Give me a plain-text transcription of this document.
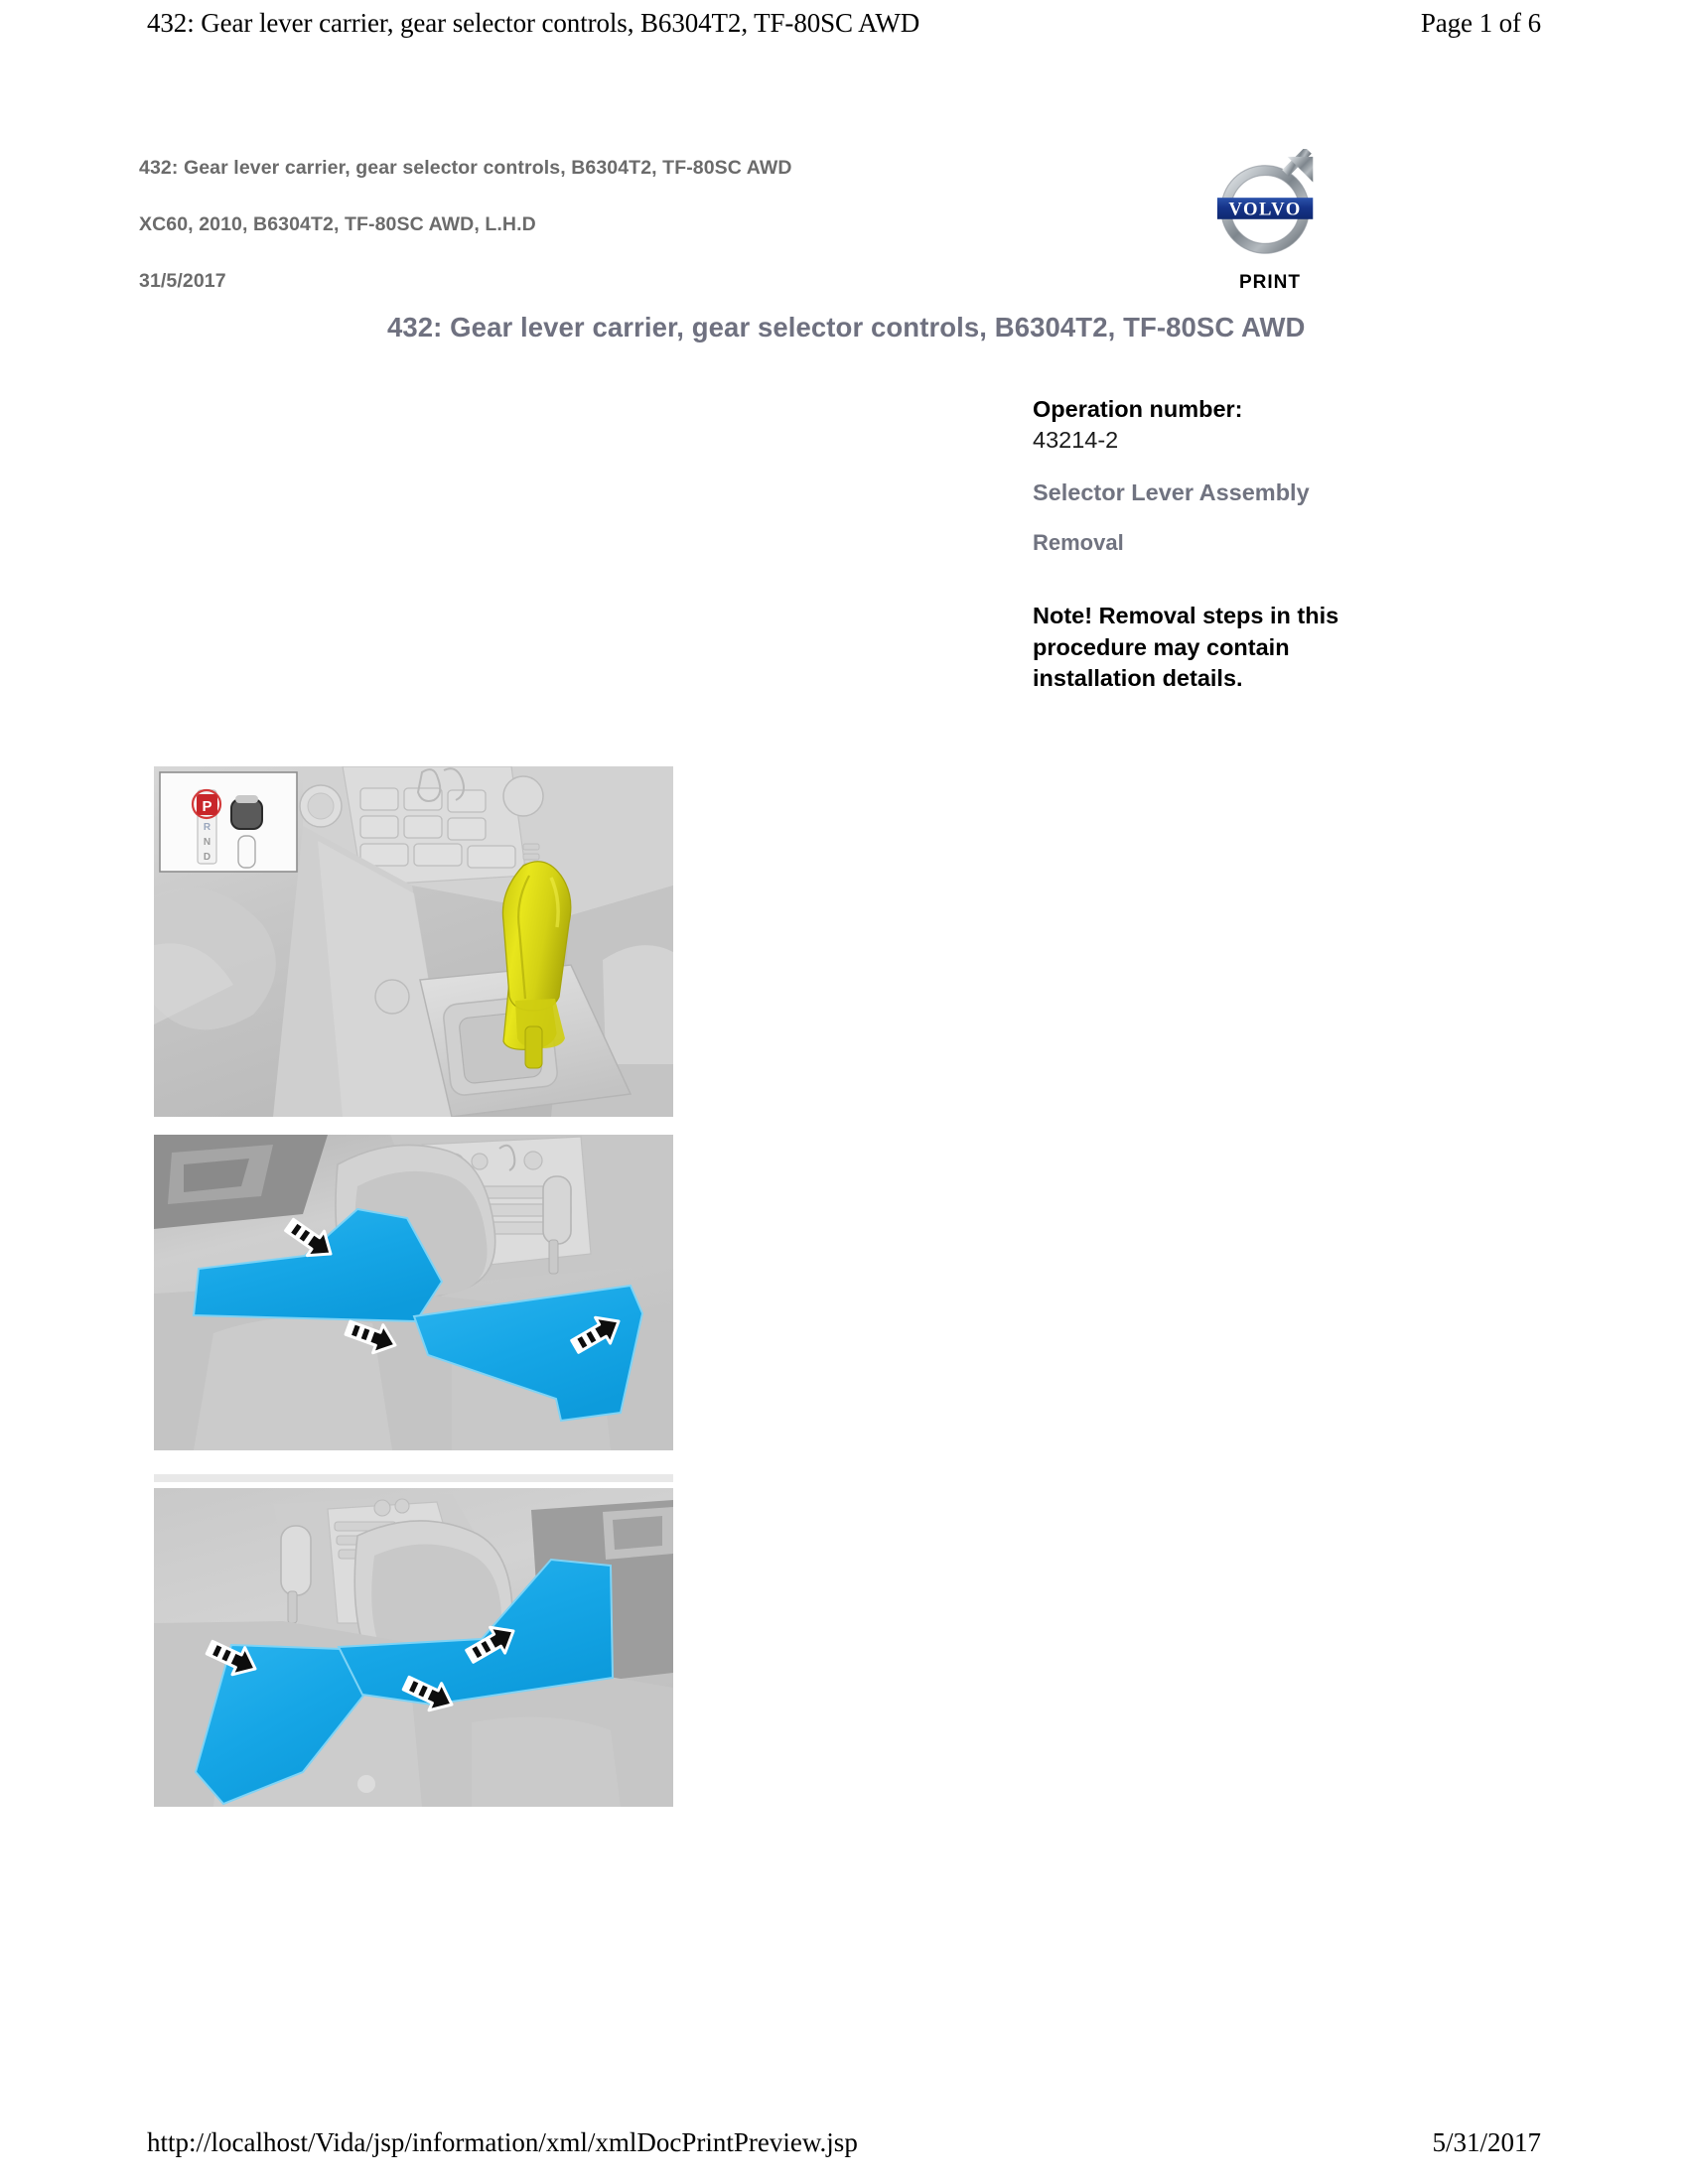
432: Gear lever carrier, gear selector controls, B6304T2, TF-80SC AWD	Page 1 of 6
432: Gear lever carrier, gear selector controls, B6304T2, TF-80SC AWD
XC60, 2010, B6304T2, TF-80SC AWD, L.H.D
31/5/2017
VOLVO
PRINT
432: Gear lever carrier, gear selector controls, B6304T2, TF-80SC AWD
Operation number:
43214-2
Selector Lever Assembly
Removal
Note! Removal steps in this procedure may contain installation details.
P
R
N
D
http://localhost/Vida/jsp/information/xml/xmlDocPrintPreview.jsp	5/31/2017
